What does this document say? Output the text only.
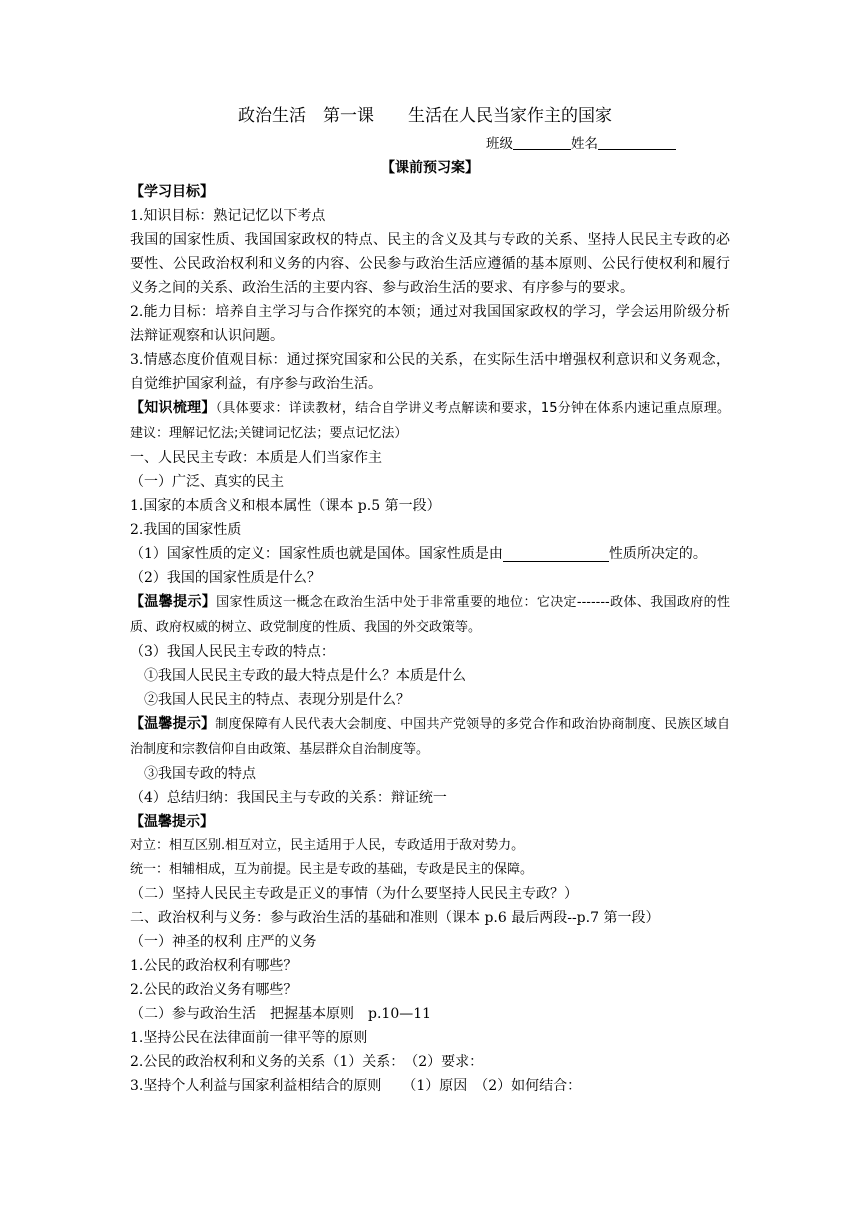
政治生活　第一课　　生活在人民当家作主的国家
班级	姓名
【课前预习案】
【学习目标】
1.知识目标：熟记记忆以下考点
我国的国家性质、我国国家政权的特点、民主的含义及其与专政的关系、坚持人民民主专政的必要性、公民政治权利和义务的内容、公民参与政治生活应遵循的基本原则、公民行使权利和履行义务之间的关系、政治生活的主要内容、参与政治生活的要求、有序参与的要求。
2.能力目标：培养自主学习与合作探究的本领；通过对我国国家政权的学习，学会运用阶级分析法辩证观察和认识问题。
3.情感态度价值观目标：通过探究国家和公民的关系，在实际生活中增强权利意识和义务观念，自觉维护国家利益，有序参与政治生活。
【知识梳理】（具体要求：详读教材，结合自学讲义考点解读和要求，15分钟在体系内速记重点原理。建议：理解记忆法;关键词记忆法；要点记忆法）
一、人民民主专政：本质是人们当家作主
（一）广泛、真实的民主
1.国家的本质含义和根本属性（课本 p.5 第一段）
2.我国的国家性质
（1）国家性质的定义：国家性质也就是国体。国家性质是由	性质所决定的。
（2）我国的国家性质是什么？
【温馨提示】国家性质这一概念在政治生活中处于非常重要的地位：它决定-------政体、我国政府的性质、政府权威的树立、政党制度的性质、我国的外交政策等。
（3）我国人民民主专政的特点：
①我国人民民主专政的最大特点是什么？本质是什么
②我国人民民主的特点、表现分别是什么？
【温馨提示】制度保障有人民代表大会制度、中国共产党领导的多党合作和政治协商制度、民族区域自治制度和宗教信仰自由政策、基层群众自治制度等。
③我国专政的特点
（4）总结归纳：我国民主与专政的关系：辩证统一
【温馨提示】
对立：相互区别.相互对立，民主适用于人民，专政适用于敌对势力。
统一：相辅相成，互为前提。民主是专政的基础，专政是民主的保障。
（二）坚持人民民主专政是正义的事情（为什么要坚持人民民主专政？）
二、政治权利与义务：参与政治生活的基础和准则（课本 p.6 最后两段--p.7 第一段）
（一）神圣的权利 庄严的义务
1.公民的政治权利有哪些？
2.公民的政治义务有哪些？
（二）参与政治生活　把握基本原则　p.10—11
1.坚持公民在法律面前一律平等的原则
2.公民的政治权利和义务的关系（1）关系：　（2）要求：
3.坚持个人利益与国家利益相结合的原则　　（1）原因　（2）如何结合：
